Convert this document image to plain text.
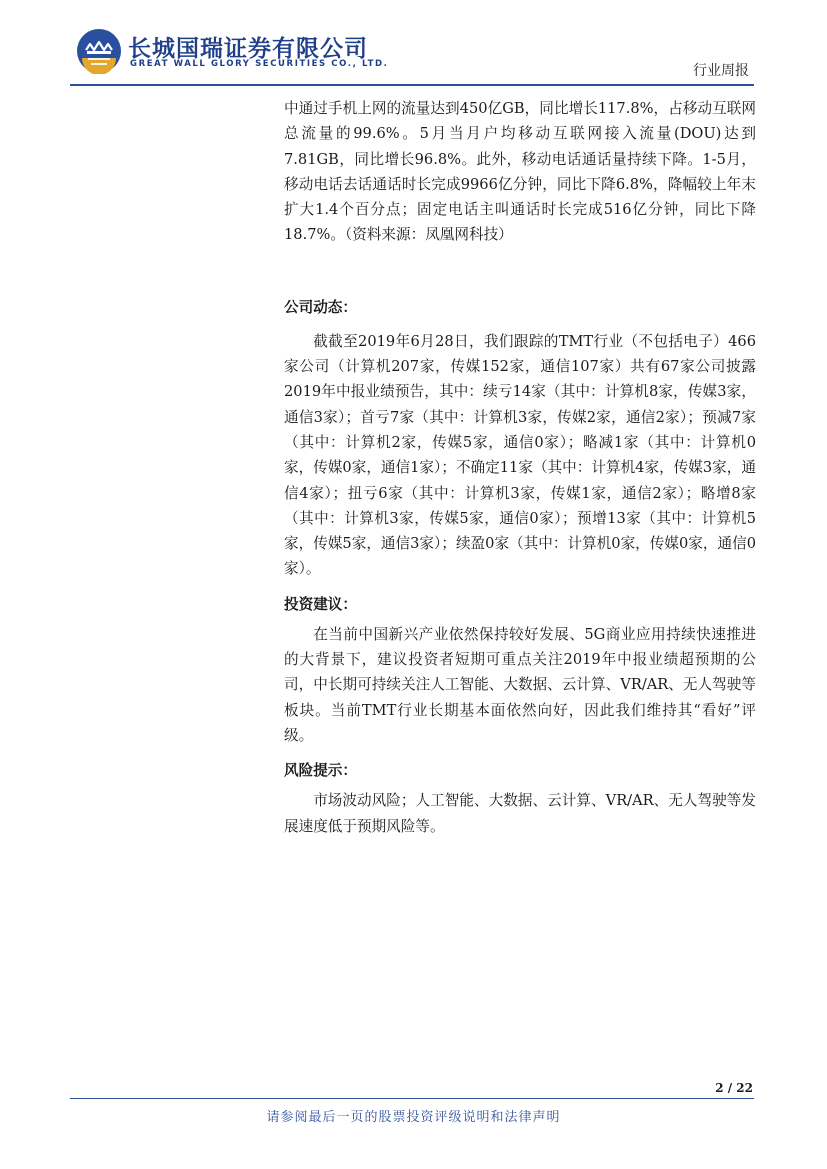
长城国瑞证券有限公司
GREAT WALL GLORY SECURITIES CO., LTD.	行业周报

中通过手机上网的流量达到450亿GB，同比增长117.8%，占移动互联网总流量的99.6%。5月当月户均移动互联网接入流量(DOU)达到7.81GB，同比增长96.8%。此外，移动电话通话量持续下降。1-5月，移动电话去话通话时长完成9966亿分钟，同比下降6.8%，降幅较上年末扩大1.4个百分点；固定电话主叫通话时长完成516亿分钟，同比下降18.7%。（资料来源：凤凰网科技）

公司动态：

截截至2019年6月28日，我们跟踪的TMT行业（不包括电子）466家公司（计算机207家，传媒152家，通信107家）共有67家公司披露2019年中报业绩预告，其中：续亏14家（其中：计算机8家，传媒3家，通信3家）；首亏7家（其中：计算机3家，传媒2家，通信2家）；预减7家（其中：计算机2家，传媒5家，通信0家）；略减1家（其中：计算机0家，传媒0家，通信1家）；不确定11家（其中：计算机4家，传媒3家，通信4家）；扭亏6家（其中：计算机3家，传媒1家，通信2家）；略增8家（其中：计算机3家，传媒5家，通信0家）；预增13家（其中：计算机5家，传媒5家，通信3家）；续盈0家（其中：计算机0家，传媒0家，通信0家）。

投资建议：

在当前中国新兴产业依然保持较好发展、5G商业应用持续快速推进的大背景下，建议投资者短期可重点关注2019年中报业绩超预期的公司，中长期可持续关注人工智能、大数据、云计算、VR/AR、无人驾驶等板块。当前TMT行业长期基本面依然向好，因此我们维持其“看好”评级。

风险提示：

市场波动风险；人工智能、大数据、云计算、VR/AR、无人驾驶等发展速度低于预期风险等。

2 / 22
请参阅最后一页的股票投资评级说明和法律声明
